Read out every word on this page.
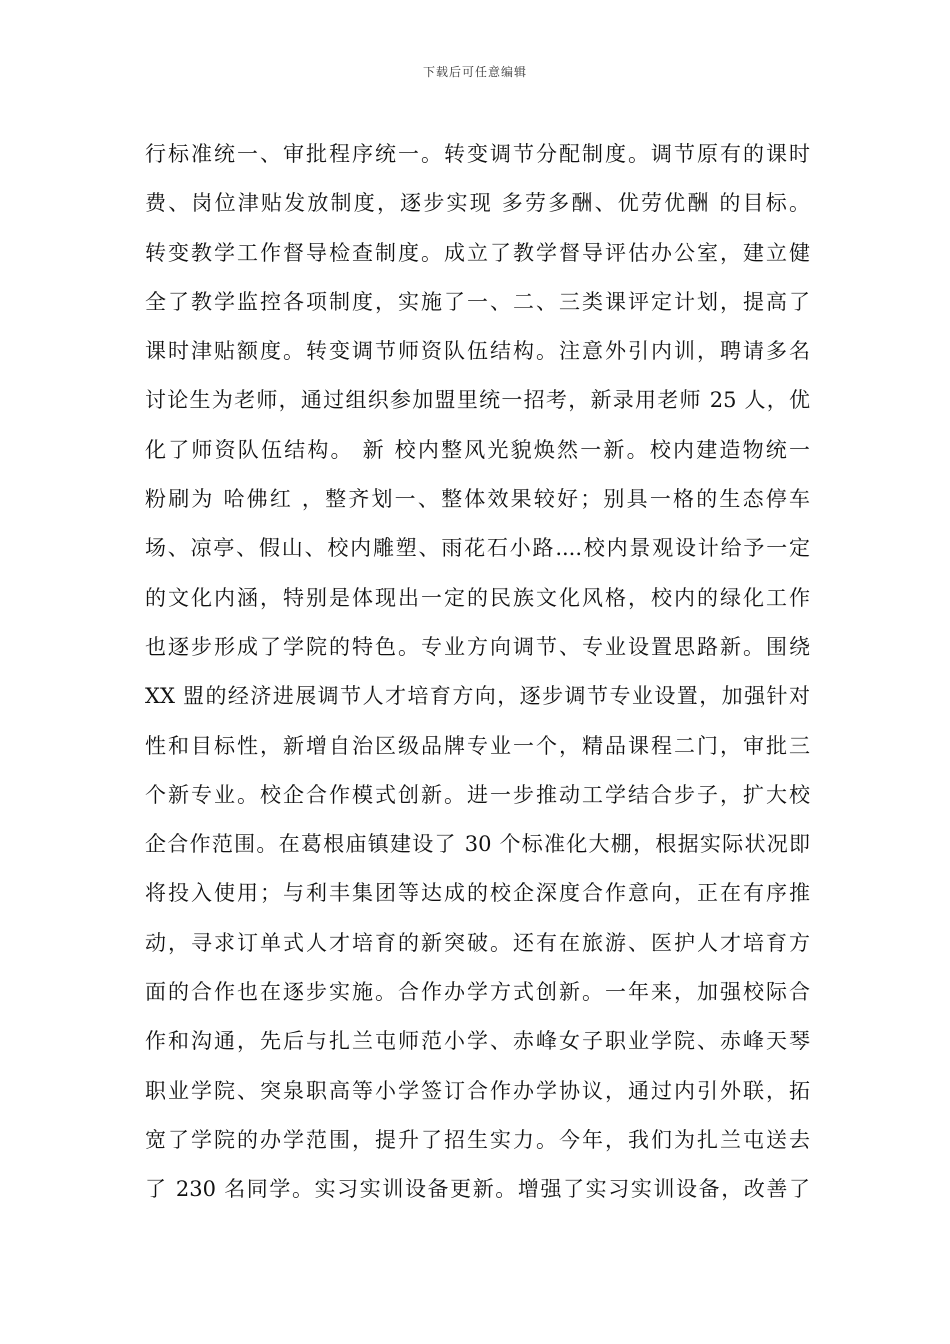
下载后可任意编辑
行标准统一、审批程序统一。转变调节分配制度。调节原有的课时
费、岗位津贴发放制度，逐步实现 多劳多酬、优劳优酬 的目标。
转变教学工作督导检查制度。成立了教学督导评估办公室，建立健
全了教学监控各项制度，实施了一、二、三类课评定计划，提高了
课时津贴额度。转变调节师资队伍结构。注意外引内训，聘请多名
讨论生为老师，通过组织参加盟里统一招考，新录用老师 25 人，优
化了师资队伍结构。 新 校内整风光貌焕然一新。校内建造物统一
粉刷为 哈佛红 ，整齐划一、整体效果较好；别具一格的生态停车
场、凉亭、假山、校内雕塑、雨花石小路....校内景观设计给予一定
的文化内涵，特别是体现出一定的民族文化风格，校内的绿化工作
也逐步形成了学院的特色。专业方向调节、专业设置思路新。围绕
XX 盟的经济进展调节人才培育方向，逐步调节专业设置，加强针对
性和目标性，新增自治区级品牌专业一个，精品课程二门，审批三
个新专业。校企合作模式创新。进一步推动工学结合步子，扩大校
企合作范围。在葛根庙镇建设了 30 个标准化大棚，根据实际状况即
将投入使用；与利丰集团等达成的校企深度合作意向，正在有序推
动，寻求订单式人才培育的新突破。还有在旅游、医护人才培育方
面的合作也在逐步实施。合作办学方式创新。一年来，加强校际合
作和沟通，先后与扎兰屯师范小学、赤峰女子职业学院、赤峰天琴
职业学院、突泉职高等小学签订合作办学协议，通过内引外联，拓
宽了学院的办学范围，提升了招生实力。今年，我们为扎兰屯送去
了 230 名同学。实习实训设备更新。增强了实习实训设备，改善了
